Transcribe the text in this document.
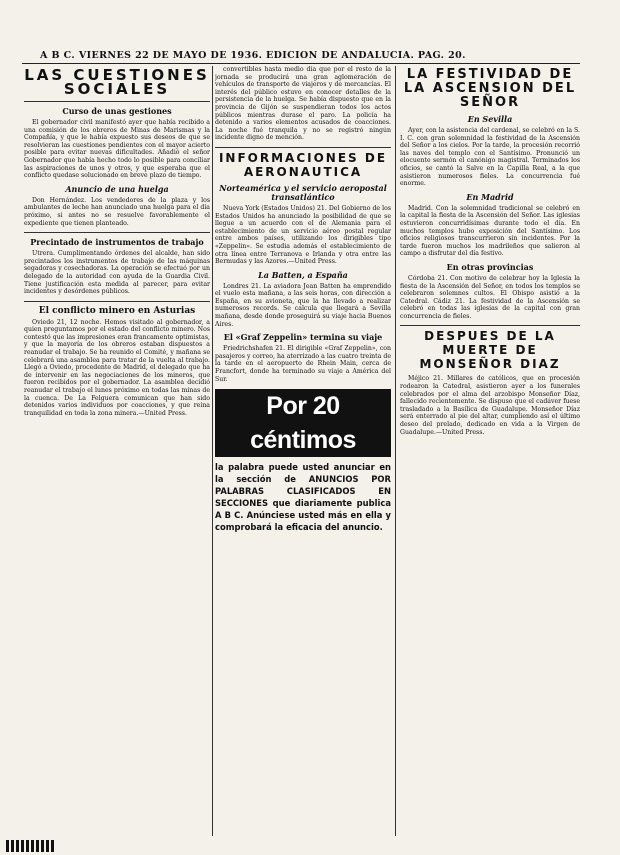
A B C. VIERNES 22 DE MAYO DE 1936. EDICION DE ANDALUCIA. PAG. 20.
LAS CUESTIONES SOCIALES
Curso de unas gestiones

El gobernador civil manifestó ayer que había recibido a una comisión de los obreros de Minas de Marismas y la Compañía, y que le había expuesto sus deseos de que se resolvieran las cuestiones pendientes con el mayor acierto posible para evitar nuevas dificultades. Añadió el señor Gobernador que había hecho todo lo posible para conciliar las aspiraciones de unos y otros, y que esperaba que el conflicto quedase solucionado en breve plazo de tiempo.

Anuncio de una huelga

Don Hernández. Los vendedores de la plaza y los ambulantes de leche han anunciado una huelga para el día próximo, si antes no se resuelve favorablemente el expediente que tienen planteado.

Precintado de instrumentos de trabajo

Utrera. Cumplimentando órdenes del alcalde, han sido precintados los instrumentos de trabajo de las máquinas segadoras y cosechadoras. La operación se efectuó por un delegado de la autoridad con ayuda de la Guardia Civil. Tiene justificación esta medida al parecer, para evitar incidentes y desórdenes públicos.

El conflicto minero en Asturias

Oviedo 21, 12 noche. Hemos visitado al gobernador, a quien preguntamos por el estado del conflicto minero. Nos contestó que las impresiones eran francamente optimistas, y que la mayoría de los obreros estaban dispuestos a reanudar el trabajo. Se ha reunido el Comité, y mañana se celebrará una asamblea para tratar de la vuelta al trabajo. Llegó a Oviedo, procedente de Madrid, el delegado que ha de intervenir en las negociaciones de los mineros, que fueron recibidos por el gobernador. La asamblea decidió reanudar el trabajo el lunes próximo en todas las minas de la cuenca. De La Felguera comunican que han sido detenidos varios individuos por coacciones, y que reina tranquilidad en toda la zona minera.—United Press.

convertibles hasta medio día que por el resto de la jornada se producirá una gran aglomeración de vehículos de transporte de viajeros y de mercancías. El interés del público estuvo en conocer detalles de la persistencia de la huelga. Se había dispuesto que en la provincia de Gijón se suspendieran todos los actos públicos mientras durase el paro. La policía ha detenido a varios elementos acusados de coacciones. La noche fué tranquila y no se registró ningún incidente digno de mención.

INFORMACIONES DE AERONAUTICA
Norteamérica y el servicio aeropostal transatlántico

Nueva York (Estados Unidos) 21. Del Gobierno de los Estados Unidos ha anunciado la posibilidad de que se llegue a un acuerdo con el de Alemania para el establecimiento de un servicio aéreo postal regular entre ambos países, utilizando los dirigibles tipo «Zeppelin». Se estudia además el establecimiento de otra línea entre Terranova e Irlanda y otra entre las Bermudas y las Azores.—United Press.

La Batten, a España

Londres 21. La aviadora Jean Batten ha emprendido el vuelo esta mañana, a las seis horas, con dirección a España, en su avioneta, que la ha llevado a realizar numerosos records. Se calcula que llegará a Sevilla mañana, desde donde proseguirá su viaje hacia Buenos Aires.

El «Graf Zeppelin» termina su viaje

Friedrichshafen 21. El dirigible «Graf Zeppelin», con pasajeros y correo, ha aterrizado a las cuatro treinta de la tarde en el aeropuerto de Rhein Main, cerca de Francfort, donde ha terminado su viaje a América del Sur.

Por 20 céntimos
la palabra puede usted anunciar en la sección de ANUNCIOS POR PALABRAS CLASIFICADOS EN SECCIONES que diariamente publica A B C. Anúnciese usted más en ella y comprobará la eficacia del anuncio.
LA FESTIVIDAD DE LA ASCENSION DEL SEÑOR
En Sevilla

Ayer, con la asistencia del cardenal, se celebró en la S. I. C. con gran solemnidad la festividad de la Ascensión del Señor a los cielos. Por la tarde, la procesión recorrió las naves del templo con el Santísimo. Pronunció un elocuente sermón el canónigo magistral. Terminados los oficios, se cantó la Salve en la Capilla Real, a la que asistieron numerosos fieles. La concurrencia fué enorme.

En Madrid

Madrid. Con la solemnidad tradicional se celebró en la capital la fiesta de la Ascensión del Señor. Las iglesias estuvieron concurridísimas durante todo el día. En muchos templos hubo exposición del Santísimo. Los oficios religiosos transcurrieron sin incidentes. Por la tarde fueron muchos los madrileños que salieron al campo a disfrutar del día festivo.

En otras provincias

Córdoba 21. Con motivo de celebrar hoy la Iglesia la fiesta de la Ascensión del Señor, en todos los templos se celebraron solemnes cultos. El Obispo asistió a la Catedral. Cádiz 21. La festividad de la Ascensión se celebró en todas las iglesias de la capital con gran concurrencia de fieles.

DESPUES DE LA MUERTE DE MONSEÑOR DIAZ

Méjico 21. Millares de católicos, que en procesión rodearon la Catedral, asistieron ayer a los funerales celebrados por el alma del arzobispo Monseñor Díaz, fallecido recientemente. Se dispuso que el cadáver fuese trasladado a la Basílica de Guadalupe. Monseñor Díaz será enterrado al pie del altar, cumpliendo así el último deseo del prelado, dedicado en vida a la Virgen de Guadalupe.—United Press.
